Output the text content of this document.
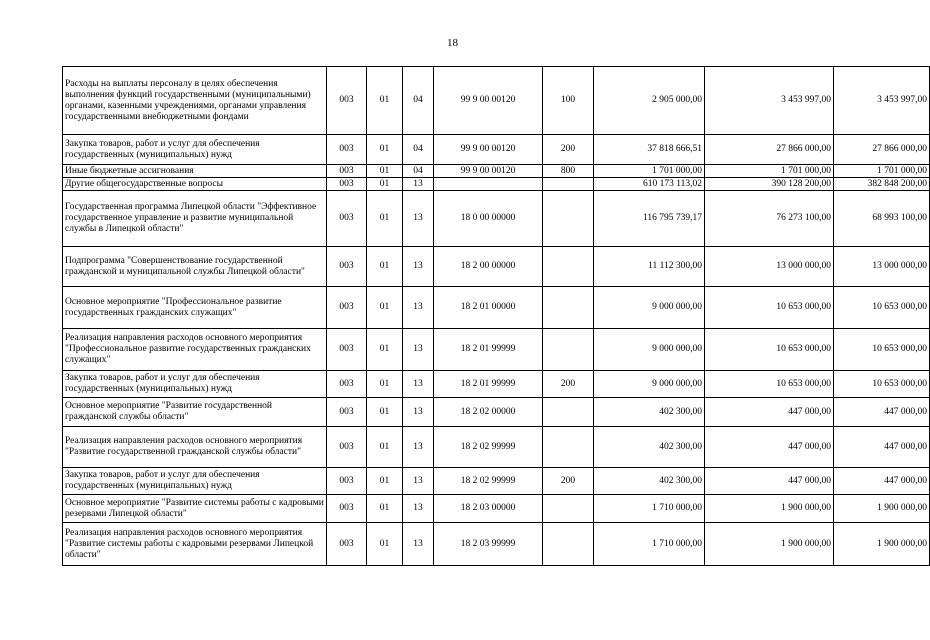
18
Расходы на выплаты персоналу в целях обеспечения выполнения функций государственными (муниципальными) органами, казенными учреждениями, органами управления государственными внебюджетными фондами	003	01	04	99 9 00 00120	100	2 905 000,00	3 453 997,00	3 453 997,00
Закупка товаров, работ и услуг для обеспечения государственных (муниципальных) нужд	003	01	04	99 9 00 00120	200	37 818 666,51	27 866 000,00	27 866 000,00
Иные бюджетные ассигнования	003	01	04	99 9 00 00120	800	1 701 000,00	1 701 000,00	1 701 000,00
Другие общегосударственные вопросы	003	01	13			610 173 113,02	390 128 200,00	382 848 200,00
Государственная программа Липецкой области "Эффективное государственное управление и развитие муниципальной службы в Липецкой области"	003	01	13	18 0 00 00000		116 795 739,17	76 273 100,00	68 993 100,00
Подпрограмма "Совершенствование государственной гражданской и муниципальной службы Липецкой области"	003	01	13	18 2 00 00000		11 112 300,00	13 000 000,00	13 000 000,00
Основное мероприятие "Профессиональное развитие государственных гражданских служащих"	003	01	13	18 2 01 00000		9 000 000,00	10 653 000,00	10 653 000,00
Реализация направления расходов основного мероприятия "Профессиональное развитие государственных гражданских служащих"	003	01	13	18 2 01 99999		9 000 000,00	10 653 000,00	10 653 000,00
Закупка товаров, работ и услуг для обеспечения государственных (муниципальных) нужд	003	01	13	18 2 01 99999	200	9 000 000,00	10 653 000,00	10 653 000,00
Основное мероприятие "Развитие государственной гражданской службы области"	003	01	13	18 2 02 00000		402 300,00	447 000,00	447 000,00
Реализация направления расходов основного мероприятия "Развитие государственной гражданской службы области"	003	01	13	18 2 02 99999		402 300,00	447 000,00	447 000,00
Закупка товаров, работ и услуг для обеспечения государственных (муниципальных) нужд	003	01	13	18 2 02 99999	200	402 300,00	447 000,00	447 000,00
Основное мероприятие "Развитие системы работы с кадровыми резервами Липецкой области"	003	01	13	18 2 03 00000		1 710 000,00	1 900 000,00	1 900 000,00
Реализация направления расходов основного мероприятия "Развитие системы работы с кадровыми резервами Липецкой области"	003	01	13	18 2 03 99999		1 710 000,00	1 900 000,00	1 900 000,00
